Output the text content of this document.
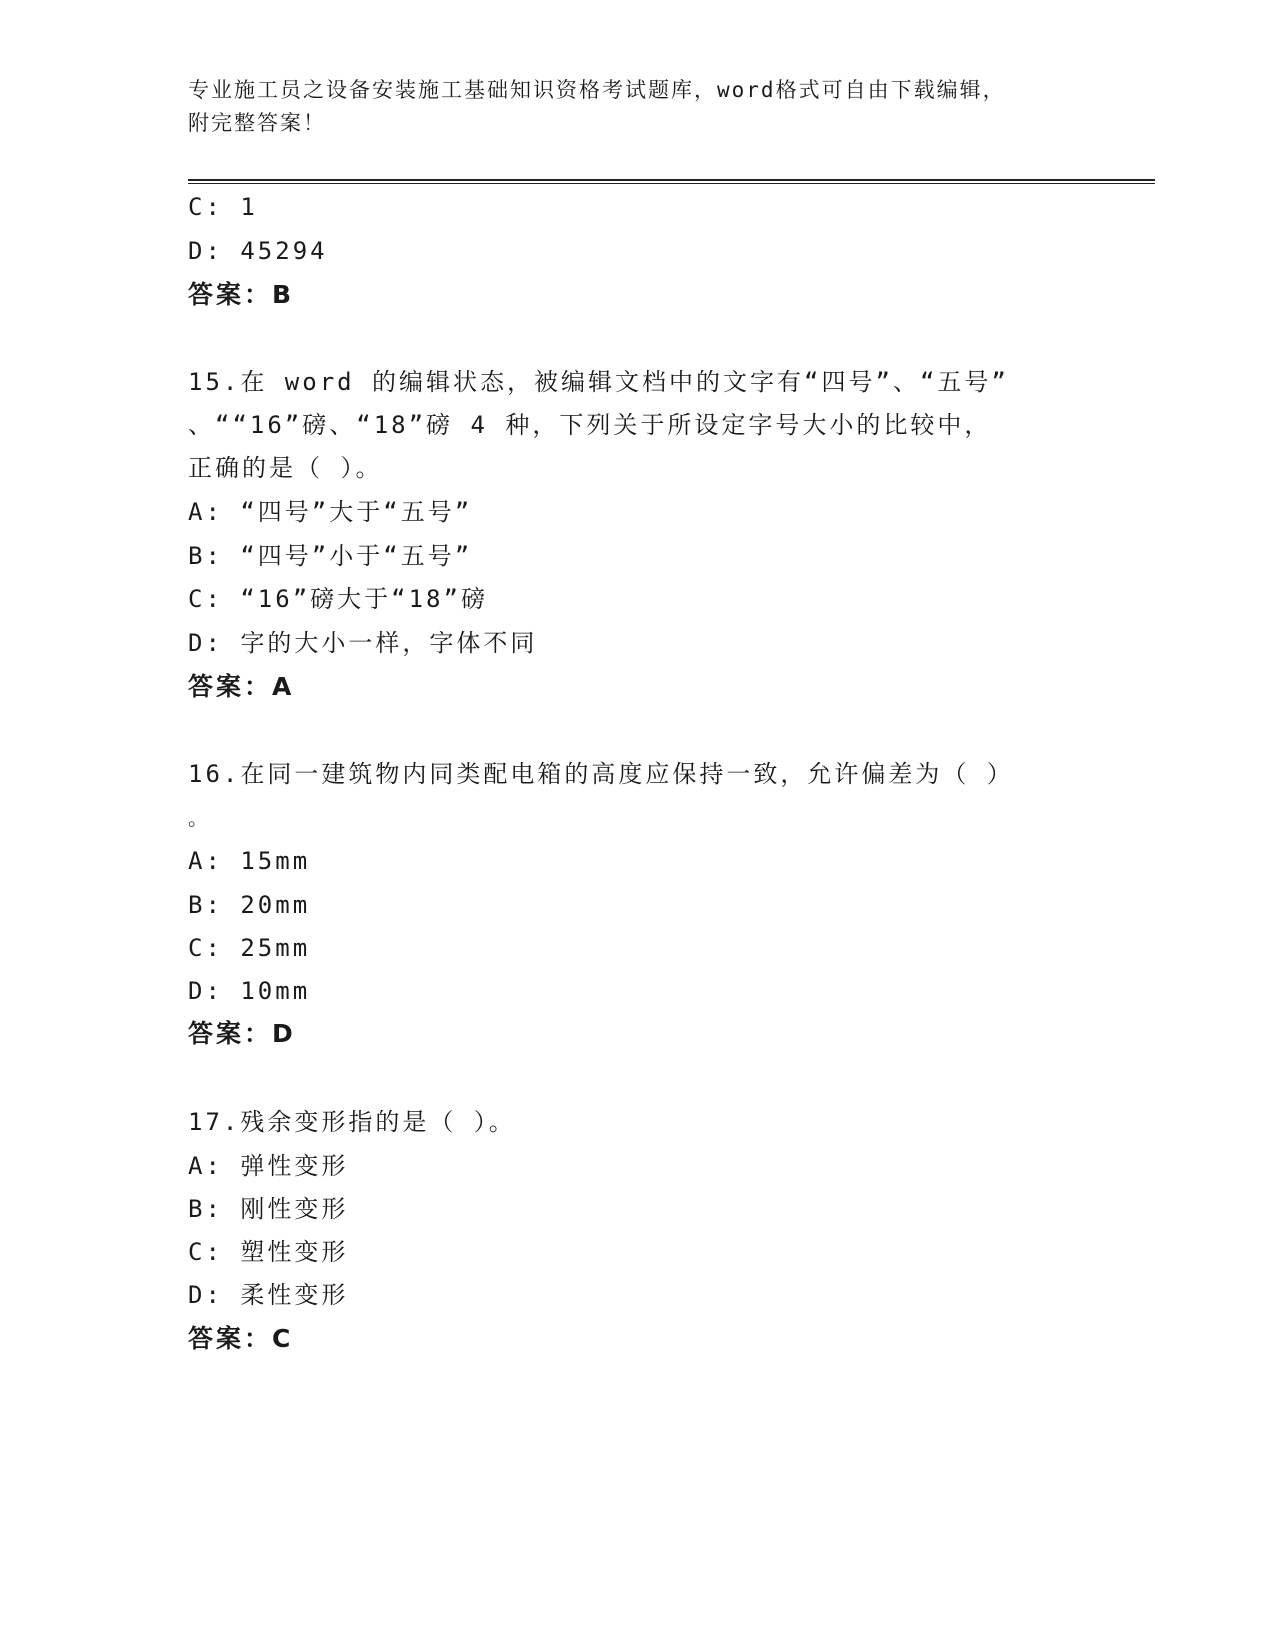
专业施工员之设备安装施工基础知识资格考试题库，word格式可自由下载编辑，
附完整答案！
C: 1
D: 45294
答案：B
15.在 word 的编辑状态，被编辑文档中的文字有“四号”、“五号”
、““16”磅、“18”磅 4 种，下列关于所设定字号大小的比较中，
正确的是（ ）。
A: “四号”大于“五号”
B: “四号”小于“五号”
C: “16”磅大于“18”磅
D: 字的大小一样，字体不同
答案：A
16.在同一建筑物内同类配电箱的高度应保持一致，允许偏差为（ ）
。
A: 15mm
B: 20mm
C: 25mm
D: 10mm
答案：D
17.残余变形指的是（ ）。
A: 弹性变形
B: 刚性变形
C: 塑性变形
D: 柔性变形
答案：C
